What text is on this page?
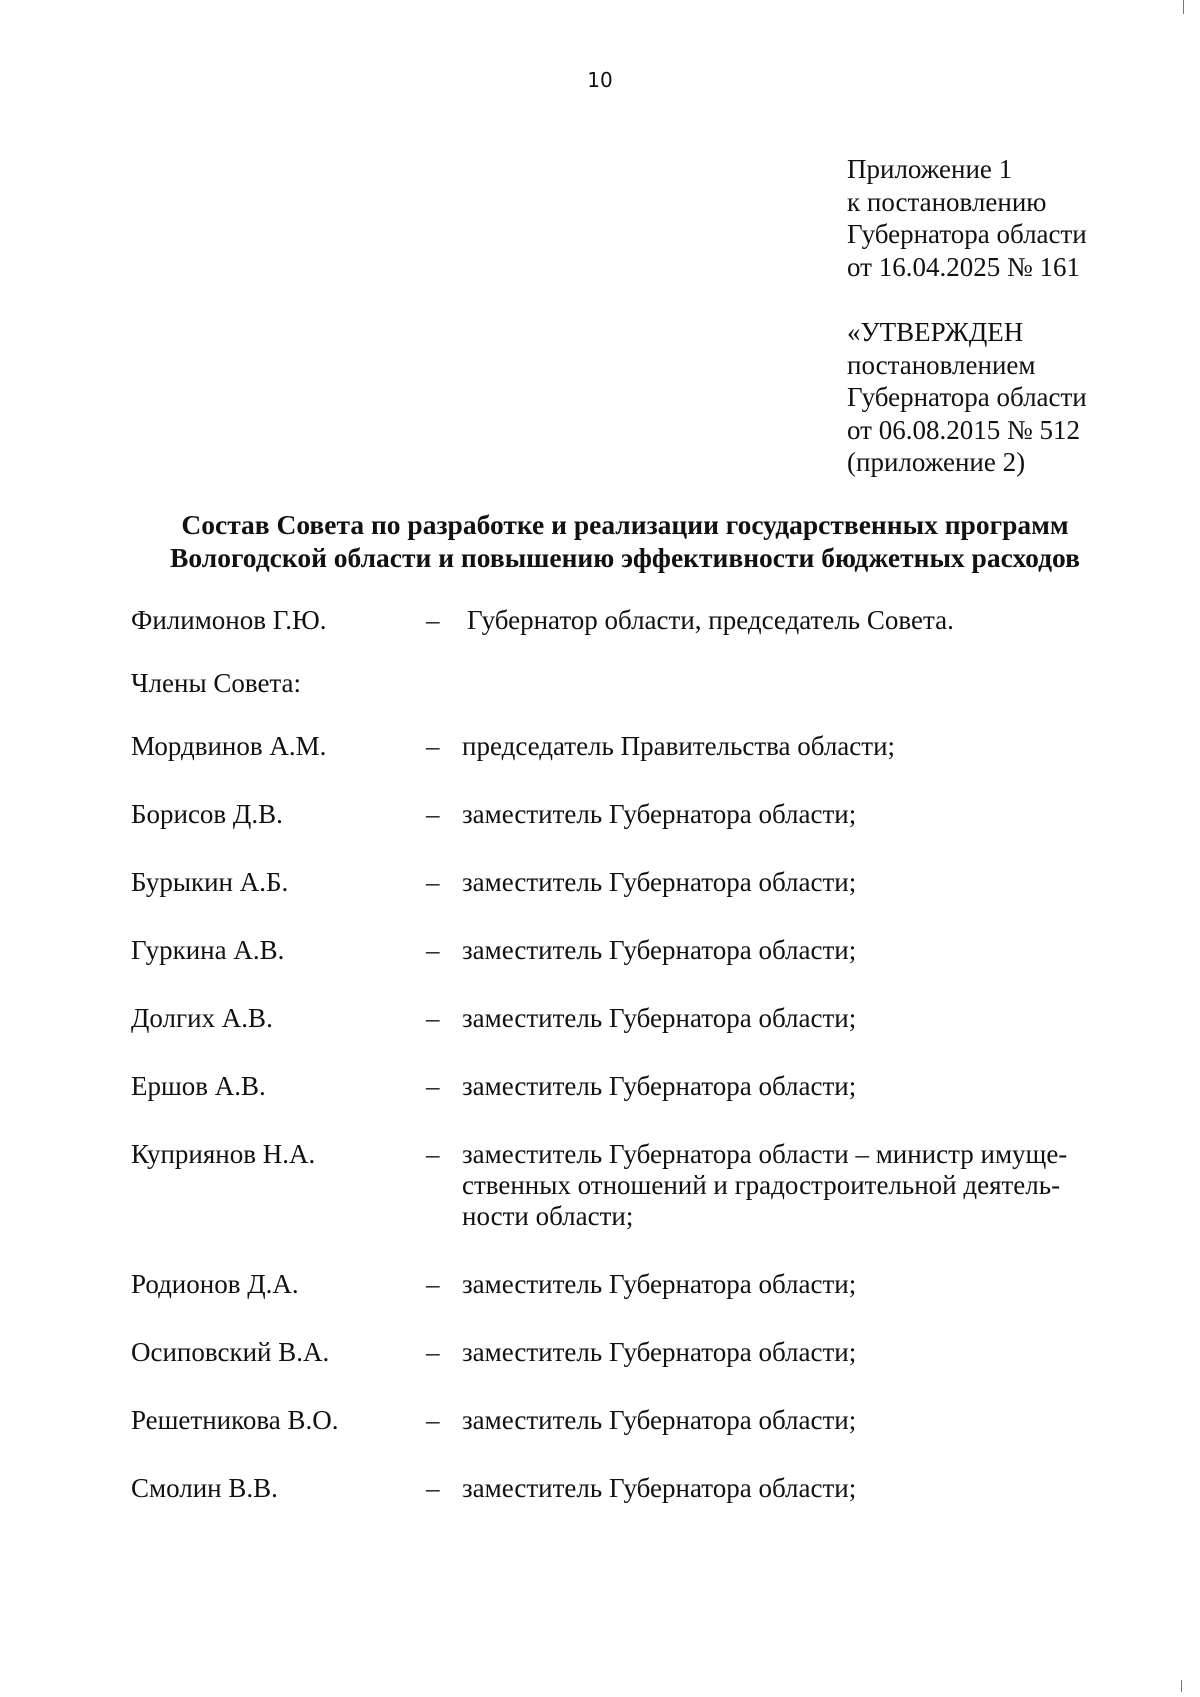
10
Приложение 1
к постановлению
Губернатора области
от 16.04.2025 № 161
«УТВЕРЖДЕН
постановлением
Губернатора области
от 06.08.2015 № 512
(приложение 2)
Состав Совета по разработке и реализации государственных программ
Вологодской области и повышению эффективности бюджетных расходов
Филимонов Г.Ю.	– Губернатор области, председатель Совета.
Члены Совета:
Мордвинов А.М.	– председатель Правительства области;
Борисов Д.В.	– заместитель Губернатора области;
Бурыкин А.Б.	– заместитель Губернатора области;
Гуркина А.В.	– заместитель Губернатора области;
Долгих А.В.	– заместитель Губернатора области;
Ершов А.В.	– заместитель Губернатора области;
Куприянов Н.А.	– заместитель Губернатора области – министр имуще-ственных отношений и градостроительной деятель-ности области;
Родионов Д.А.	– заместитель Губернатора области;
Осиповский В.А.	– заместитель Губернатора области;
Решетникова В.О.	– заместитель Губернатора области;
Смолин В.В.	– заместитель Губернатора области;
